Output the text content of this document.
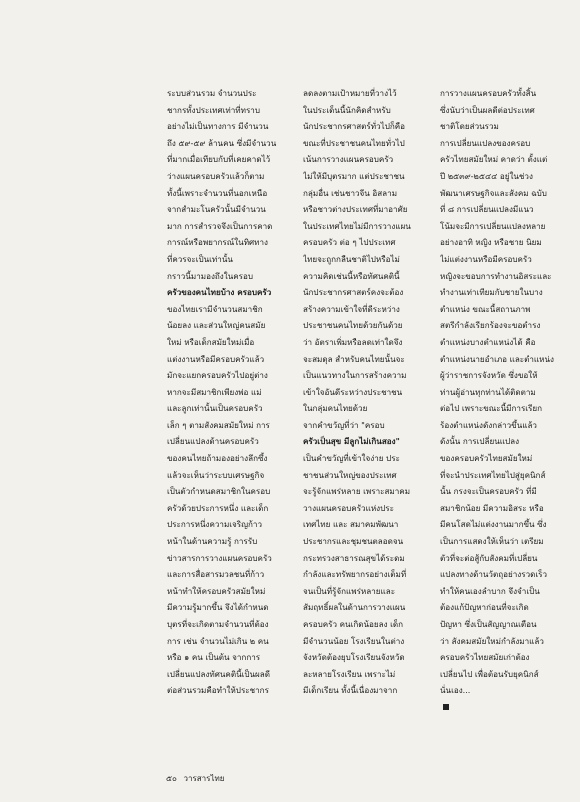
ระบบส่วนรวม จำนวนประ
ชากรทั้งประเทศเท่าที่ทราบ
อย่างไม่เป็นทางการ มีจำนวน
ถึง ๕๙-๕๙ ล้านคน ซึ่งมีจำนวน
ที่มากเมื่อเทียบกับที่เคยคาดไว้
ว่างแผนครอบครัวแล้วก็ตาม
ทั้งนี้เพราะจำนวนที่นอกเหนือ
จากสำมะโนครัวนั้นมีจำนวน
มาก การสำรวจจึงเป็นการคาด
การณ์หรือพยากรณ์ในทิศทาง
ที่ควรจะเป็นเท่านั้น
กราวนี้มามองถึงในครอบ
ครัวของคนไทยบ้าง ครอบครัว
ของไทยเรามีจำนวนสมาชิก
น้อยลง และส่วนใหญ่คนสมัย
ใหม่ หรือเด็กสมัยใหม่เมื่อ
แต่งงานหรือมีครอบครัวแล้ว
มักจะแยกครอบครัวไปอยู่ต่าง
หากจะมีสมาชิกเพียงพ่อ แม่
และลูกเท่านั้นเป็นครอบครัว
เล็ก ๆ ตามสังคมสมัยใหม่ การ
เปลี่ยนแปลงด้านครอบครัว
ของคนไทยถ้ามองอย่างลึกซึ้ง
แล้วจะเห็นว่าระบบเศรษฐกิจ
เป็นตัวกำหนดสมาชิกในครอบ
ครัวด้วยประการหนึ่ง และเด็ก
ประการหนึ่งความเจริญก้าว
หน้าในด้านความรู้ การรับ
ข่าวสารการวางแผนครอบครัว
และการสื่อสารมวลชนที่ก้าว
หน้าทำให้ครอบครัวสมัยใหม่
มีความรู้มากขึ้น จึงได้กำหนด
บุตรที่จะเกิดตามจำนวนที่ต้อง
การ เช่น จำนวนไม่เกิน ๒ คน
หรือ ๑ คน เป็นต้น จากการ
เปลี่ยนแปลงทัศนคตินี้เป็นผลดี
ต่อส่วนรวมคือทำให้ประชากร
ลดลงตามเป้าหมายที่วางไว้
ในประเด็นนี้นักคิดสำหรับ
นักประชากรศาสตร์ทั่วไปก็คือ
ขณะที่ประชาชนคนไทยทั่วไป
เน้นการวางแผนครอบครัว
ไม่ให้มีบุตรมาก แต่ประชาชน
กลุ่มอื่น เช่นชาวจีน อิสลาม
หรือชาวต่างประเทศที่มาอาศัย
ในประเทศไทยไม่มีการวางแผน
ครอบครัว ต่อ ๆ ไปประเทศ
ไทยจะถูกกลืนชาติไปหรือไม่
ความคิดเช่นนี้หรือทัศนคตินี้
นักประชากรศาสตร์คงจะต้อง
สร้างความเข้าใจที่ดีระหว่าง
ประชาชนคนไทยด้วยกันด้วย
ว่า อัตราเพิ่มหรือลดเท่าใดจึง
จะสมดุล สำหรับคนไทยนั้นจะ
เป็นแนวทางในการสร้างความ
เข้าใจอันดีระหว่างประชาชน
ในกลุ่มคนไทยด้วย
จากคำขวัญที่ว่า "ครอบ
ครัวเป็นสุข มีลูกไม่เกินสอง"
เป็นคำขวัญที่เข้าใจง่าย ประ
ชาชนส่วนใหญ่ของประเทศ
จะรู้จักแพร่หลาย เพราะสมาคม
วางแผนครอบครัวแห่งประ
เทศไทย และ สมาคมพัฒนา
ประชากรและชุมชนตลอดจน
กระทรวงสาธารณสุขได้ระดม
กำลังและทรัพยากรอย่างเต็มที่
จนเป็นที่รู้จักแพร่หลายและ
สัมฤทธิ์ผลในด้านการวางแผน
ครอบครัว คนเกิดน้อยลง เด็ก
มีจำนวนน้อย โรงเรียนในต่าง
จังหวัดต้องยุบโรงเรียนจังหวัด
ละหลายโรงเรียน เพราะไม่
มีเด็กเรียน ทั้งนี้เนื่องมาจาก
การวางแผนครอบครัวทั้งสิ้น
ซึ่งนับว่าเป็นผลดีต่อประเทศ
ชาติโดยส่วนรวม
การเปลี่ยนแปลงของครอบ
ครัวไทยสมัยใหม่ คาดว่า ตั้งแต่
ปี ๒๕๓๙-๒๕๔๔ อยู่ในช่วง
พัฒนาเศรษฐกิจและสังคม ฉบับ
ที่ ๘ การเปลี่ยนแปลงมีแนว
โน้มจะมีการเปลี่ยนแปลงหลาย
อย่างอาทิ หญิง หรือชาย นิยม
ไม่แต่งงานหรือมีครอบครัว
หญิงจะขอบการทำงานอิสระและ
ทำงานเท่าเทียมกับชายในบาง
ตำแหน่ง ขณะนี้สถานภาพ
สตรีกำลังเรียกร้องจะขอตำรง
ตำแหน่งบางตำแหน่งได้ คือ
ตำแหน่งนายอำเภอ และตำแหน่ง
ผู้ว่าราชการจังหวัด ซึ่งขอให้
ท่านผู้อ่านทุกท่านได้ติดตาม
ต่อไป เพราะขณะนี้มีการเรียก
ร้องตำแหน่งดังกล่าวขึ้นแล้ว
ดังนั้น การเปลี่ยนแปลง
ของครอบครัวไทยสมัยใหม่
ที่จะนำประเทศไทยไปสู่ยุคนิกส์
นั้น กรงจะเป็นครอบครัว ที่มี
สมาชิกน้อย มีความอิสระ หรือ
มีคนโสดไม่แต่งงานมากขึ้น ซึ่ง
เป็นการแสดงให้เห็นว่า เตรียม
ตัวที่จะต่อสู้กับสังคมที่เปลี่ยน
แปลงทางด้านวัตถุอย่างรวดเร็ว
ทำให้คนเองลำบาก จึงจำเป็น
ต้องแก้ปัญหาก่อนที่จะเกิด
ปัญหา ซึ่งเป็นสัญญาณเตือน
ว่า สังคมสมัยใหม่กำลังมาแล้ว
ครอบครัวไทยสมัยเก่าต้อง
เปลี่ยนไป เพื่อต้อนรับยุคนิกส์
นั่นเอง...
๕๐ วารสารไทย
